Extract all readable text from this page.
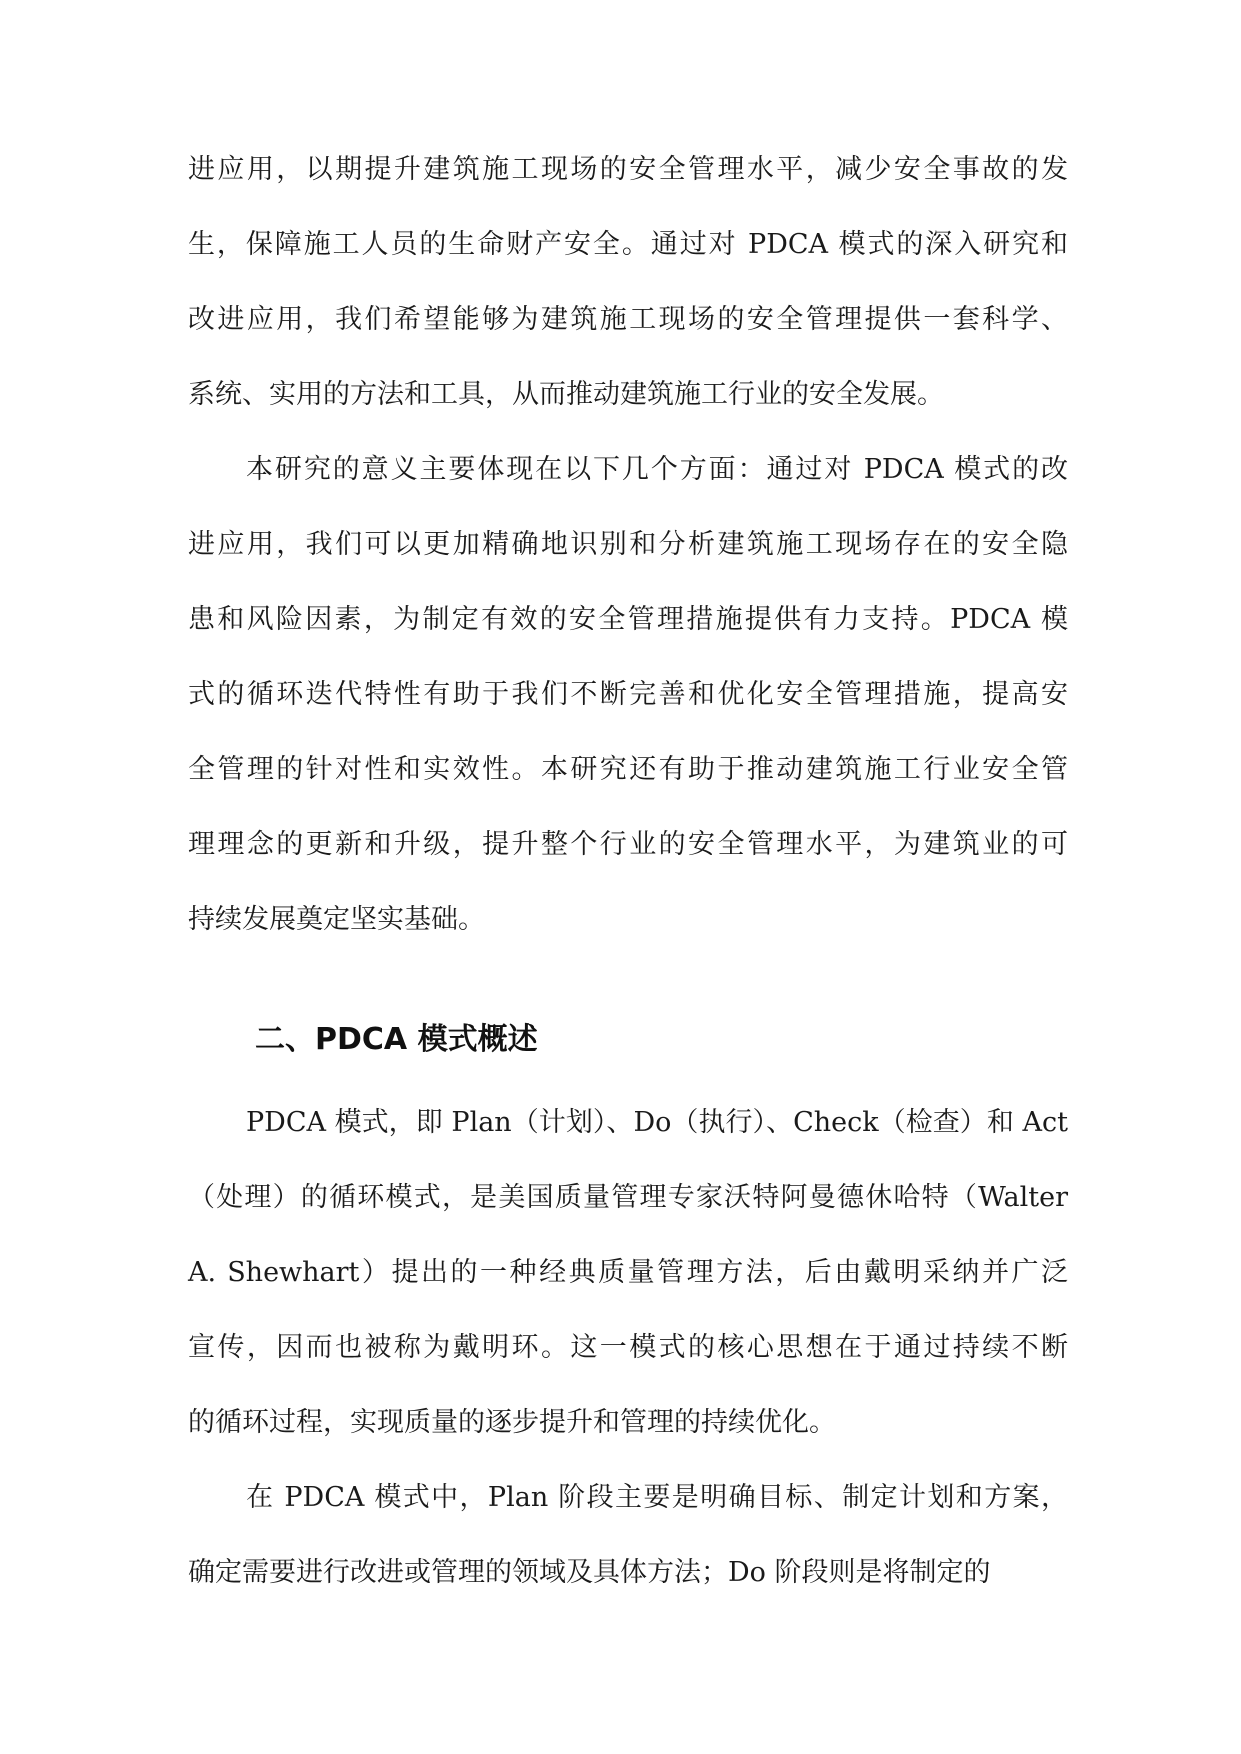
进应用，以期提升建筑施工现场的安全管理水平，减少安全事故的发
生，保障施工人员的生命财产安全。通过对 PDCA 模式的深入研究和
改进应用，我们希望能够为建筑施工现场的安全管理提供一套科学、
系统、实用的方法和工具，从而推动建筑施工行业的安全发展。
本研究的意义主要体现在以下几个方面：通过对 PDCA 模式的改
进应用，我们可以更加精确地识别和分析建筑施工现场存在的安全隐
患和风险因素，为制定有效的安全管理措施提供有力支持。PDCA 模
式的循环迭代特性有助于我们不断完善和优化安全管理措施，提高安
全管理的针对性和实效性。本研究还有助于推动建筑施工行业安全管
理理念的更新和升级，提升整个行业的安全管理水平，为建筑业的可
持续发展奠定坚实基础。
二、PDCA 模式概述
PDCA 模式，即 Plan（计划）、Do（执行）、Check（检查）和 Act
（处理）的循环模式，是美国质量管理专家沃特阿曼德休哈特（Walter
A. Shewhart）提出的一种经典质量管理方法，后由戴明采纳并广泛
宣传，因而也被称为戴明环。这一模式的核心思想在于通过持续不断
的循环过程，实现质量的逐步提升和管理的持续优化。
在 PDCA 模式中，Plan 阶段主要是明确目标、制定计划和方案，
确定需要进行改进或管理的领域及具体方法；Do 阶段则是将制定的
